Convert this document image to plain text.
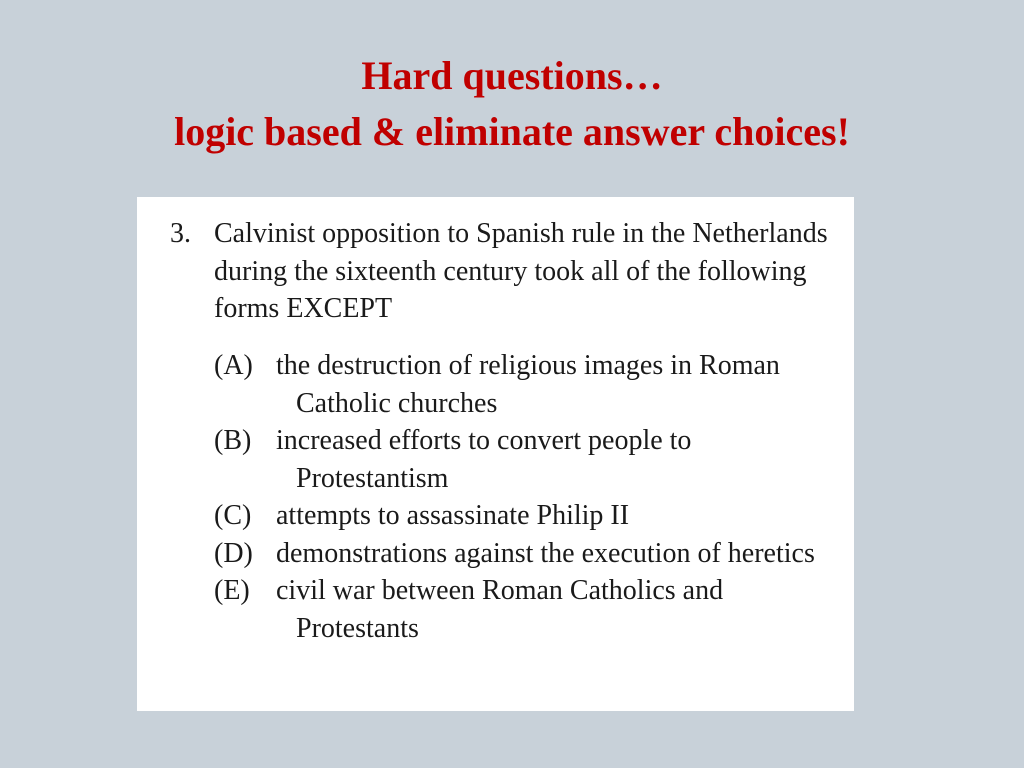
Hard questions…
logic based & eliminate answer choices!
3. Calvinist opposition to Spanish rule in the Netherlands during the sixteenth century took all of the following forms EXCEPT
(A) the destruction of religious images in Roman Catholic churches
(B) increased efforts to convert people to Protestantism
(C) attempts to assassinate Philip II
(D) demonstrations against the execution of heretics
(E) civil war between Roman Catholics and Protestants
